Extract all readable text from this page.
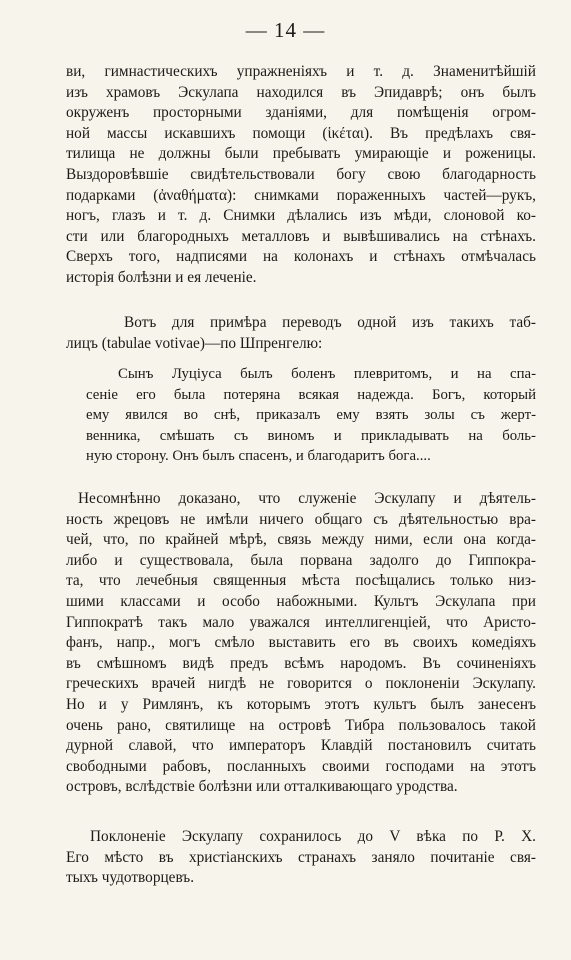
— 14 —
ви, гимнастическихъ упражненіяхъ и т. д. Знаменитѣйшій
изъ храмовъ Эскулапа находился въ Эпидаврѣ; онъ былъ
окруженъ просторными зданіями, для помѣщенія огром-
ной массы искавшихъ помощи (ἱκέται). Въ предѣлахъ свя-
тилища не должны были пребывать умирающіе и роженицы.
Выздоровѣвшіе свидѣтельствовали богу свою благодарность
подарками (ἀναθήματα): снимками пораженныхъ частей—рукъ,
ногъ, глазъ и т. д. Снимки дѣлались изъ мѣди, слоновой ко-
сти или благородныхъ металловъ и вывѣшивались на стѣнахъ.
Сверхъ того, надписями на колонахъ и стѣнахъ отмѣчалась
исторія болѣзни и ея леченіе.
Вотъ для примѣра переводъ одной изъ такихъ таб-
лицъ (tabulae votivae)—по Шпренгелю:
Сынъ Луціуса былъ боленъ плевритомъ, и на спа-
сеніе его была потеряна всякая надежда. Богъ, который
ему явился во снѣ, приказалъ ему взять золы съ жерт-
венника, смѣшать съ виномъ и прикладывать на боль-
ную сторону. Онъ былъ спасенъ, и благодаритъ бога....
Несомнѣнно доказано, что служеніе Эскулапу и дѣятель-
ность жрецовъ не имѣли ничего общаго съ дѣятельностью вра-
чей, что, по крайней мѣрѣ, связь между ними, если она когда-
либо и существовала, была порвана задолго до Гиппокра-
та, что лечебныя священныя мѣста посѣщались только низ-
шими классами и особо набожными. Культъ Эскулапа при
Гиппократѣ такъ мало уважался интеллигенціей, что Аристо-
фанъ, напр., могъ смѣло выставить его въ своихъ комедіяхъ
въ смѣшномъ видѣ предъ всѣмъ народомъ. Въ сочиненіяхъ
греческихъ врачей нигдѣ не говорится о поклоненіи Эскулапу.
Но и у Римлянъ, къ которымъ этотъ культъ былъ занесенъ
очень рано, святилище на островѣ Тибра пользовалось такой
дурной славой, что императоръ Клавдій постановилъ считать
свободными рабовъ, посланныхъ своими господами на этотъ
островъ, вслѣдствіе болѣзни или отталкивающаго уродства.
Поклоненіе Эскулапу сохранилось до V вѣка по Р. Х.
Его мѣсто въ христіанскихъ странахъ заняло почитаніе свя-
тыхъ чудотворцевъ.
